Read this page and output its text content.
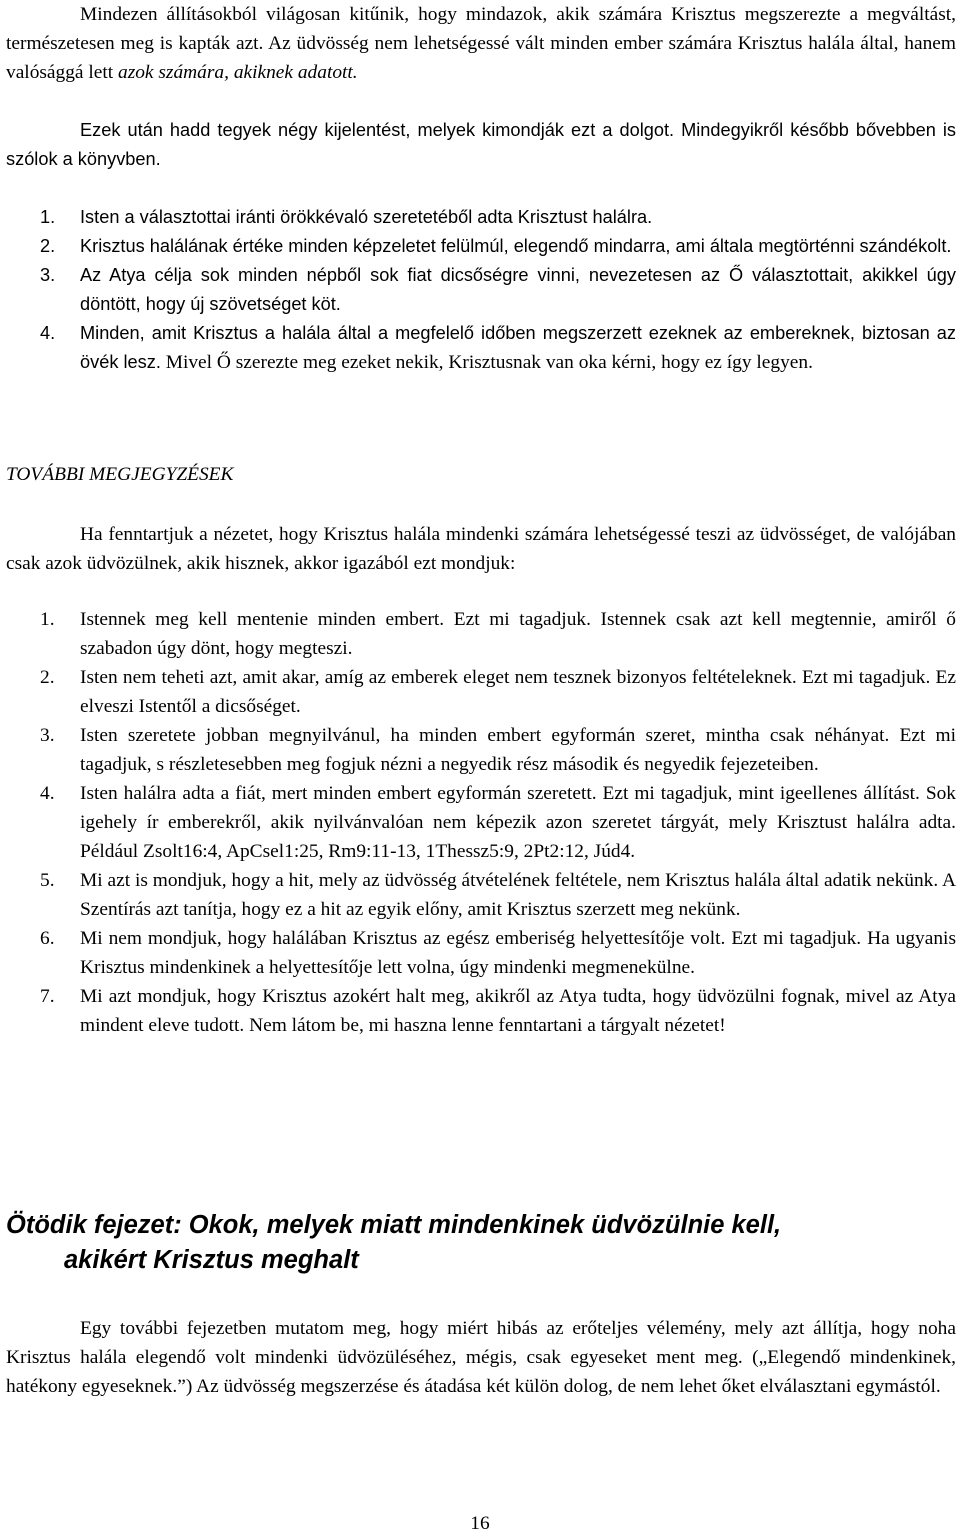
Mindezen állításokból világosan kitűnik, hogy mindazok, akik számára Krisztus megszerezte a megváltást, természetesen meg is kapták azt. Az üdvösség nem lehetségessé vált minden ember számára Krisztus halála által, hanem valósággá lett azok számára, akiknek adatott.

Ezek után hadd tegyek négy kijelentést, melyek kimondják ezt a dolgot. Mindegyikről később bővebben is szólok a könyvben.

1. Isten a választottai iránti örökkévaló szeretetéből adta Krisztust halálra.
2. Krisztus halálának értéke minden képzeletet felülmúl, elegendő mindarra, ami általa megtörténni szándékolt.
3. Az Atya célja sok minden népből sok fiat dicsőségre vinni, nevezetesen az Ő választottait, akikkel úgy döntött, hogy új szövetséget köt.
4. Minden, amit Krisztus a halála által a megfelelő időben megszerzett ezeknek az embereknek, biztosan az övék lesz. Mivel Ő szerezte meg ezeket nekik, Krisztusnak van oka kérni, hogy ez így legyen.
TOVÁBBI MEGJEGYZÉSEK

Ha fenntartjuk a nézetet, hogy Krisztus halála mindenki számára lehetségessé teszi az üdvösséget, de valójában csak azok üdvözülnek, akik hisznek, akkor igazából ezt mondjuk:

1. Istennek meg kell mentenie minden embert. Ezt mi tagadjuk. Istennek csak azt kell megtennie, amiről ő szabadon úgy dönt, hogy megteszi.
2. Isten nem teheti azt, amit akar, amíg az emberek eleget nem tesznek bizonyos feltételeknek. Ezt mi tagadjuk. Ez elveszi Istentől a dicsőséget.
3. Isten szeretete jobban megnyilvánul, ha minden embert egyformán szeret, mintha csak néhányat. Ezt mi tagadjuk, s részletesebben meg fogjuk nézni a negyedik rész második és negyedik fejezeteiben.
4. Isten halálra adta a fiát, mert minden embert egyformán szeretett. Ezt mi tagadjuk, mint igeellenes állítást. Sok igehely ír emberekről, akik nyilvánvalóan nem képezik azon szeretet tárgyát, mely Krisztust halálra adta. Például Zsolt16:4, ApCsel1:25, Rm9:11-13, 1Thessz5:9, 2Pt2:12, Júd4.
5. Mi azt is mondjuk, hogy a hit, mely az üdvösség átvételének feltétele, nem Krisztus halála által adatik nekünk. A Szentírás azt tanítja, hogy ez a hit az egyik előny, amit Krisztus szerzett meg nekünk.
6. Mi nem mondjuk, hogy halálában Krisztus az egész emberiség helyettesítője volt. Ezt mi tagadjuk. Ha ugyanis Krisztus mindenkinek a helyettesítője lett volna, úgy mindenki megmenekülne.
7. Mi azt mondjuk, hogy Krisztus azokért halt meg, akikről az Atya tudta, hogy üdvözülni fognak, mivel az Atya mindent eleve tudott. Nem látom be, mi haszna lenne fenntartani a tárgyalt nézetet!
Ötödik fejezet: Okok, melyek miatt mindenkinek üdvözülnie kell,
akikért Krisztus meghalt

Egy további fejezetben mutatom meg, hogy miért hibás az erőteljes vélemény, mely azt állítja, hogy noha Krisztus halála elegendő volt mindenki üdvözüléséhez, mégis, csak egyeseket ment meg. („Elegendő mindenkinek, hatékony egyeseknek.”) Az üdvösség megszerzése és átadása két külön dolog, de nem lehet őket elválasztani egymástól.

16
